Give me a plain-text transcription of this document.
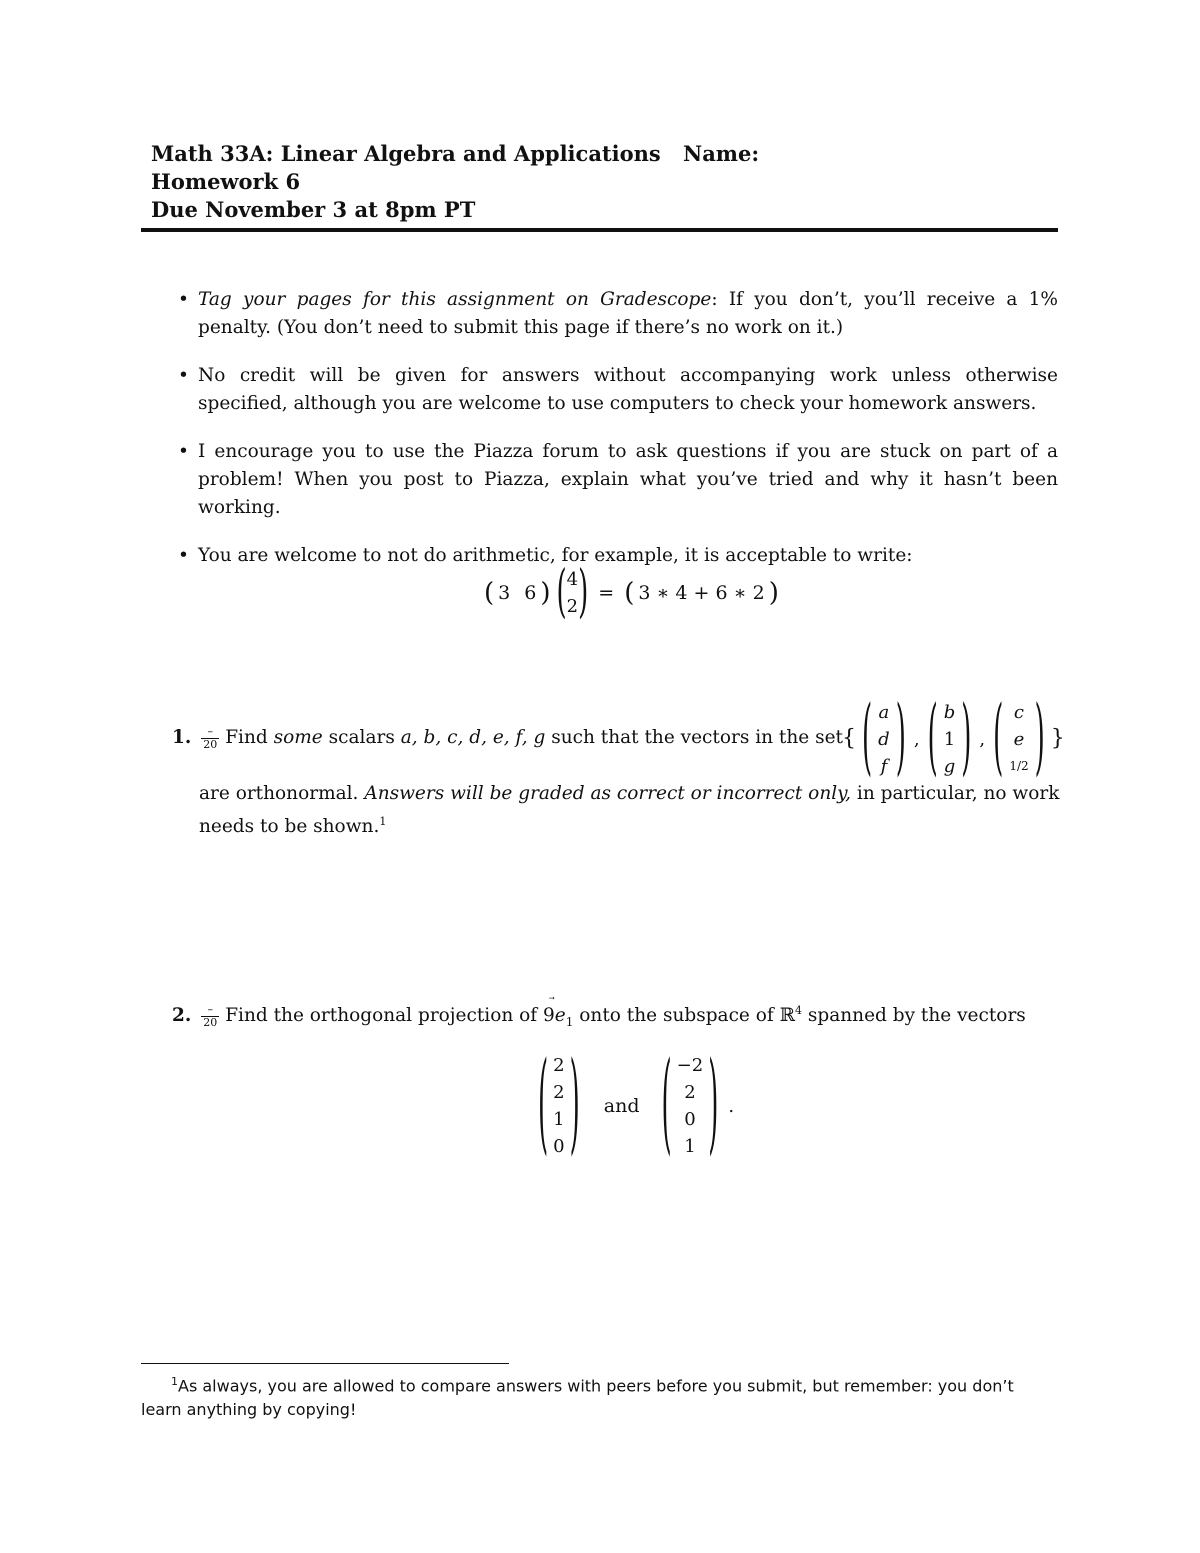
Math 33A: Linear Algebra and Applications Name:
Homework 6
Due November 3 at 8pm PT
• Tag your pages for this assignment on Gradescope: If you don’t, you’ll receive a 1% penalty. (You don’t need to submit this page if there’s no work on it.)
• No credit will be given for answers without accompanying work unless otherwise specified, although you are welcome to use computers to check your homework answers.
• I encourage you to use the Piazza forum to ask questions if you are stuck on part of a problem! When you post to Piazza, explain what you’ve tried and why it hasn’t been working.
• You are welcome to not do arithmetic, for example, it is acceptable to write:
( 3 6 ) ( 4
2 ) = ( 3 ∗ 4 + 6 ∗ 2 )
1. $\frac{-}{20}$ Find some scalars a, b, c, d, e, f, g such that the vectors in the set { ( a
d
f ) , ( b
1
g ) , ( c
e
1/2 ) }
are orthonormal. Answers will be graded as correct or incorrect only, in particular, no work
needs to be shown.$^1$
2. $\frac{-}{20}$ Find the orthogonal projection of 9
$e_1$ onto the subspace of ℝ$^4$ spanned by the vectors
( 2
2
1
0 ) and ( −2
2
0
1 ) .
$^1$As always, you are allowed to compare answers with peers before you submit, but remember: you don’t learn anything by copying!
